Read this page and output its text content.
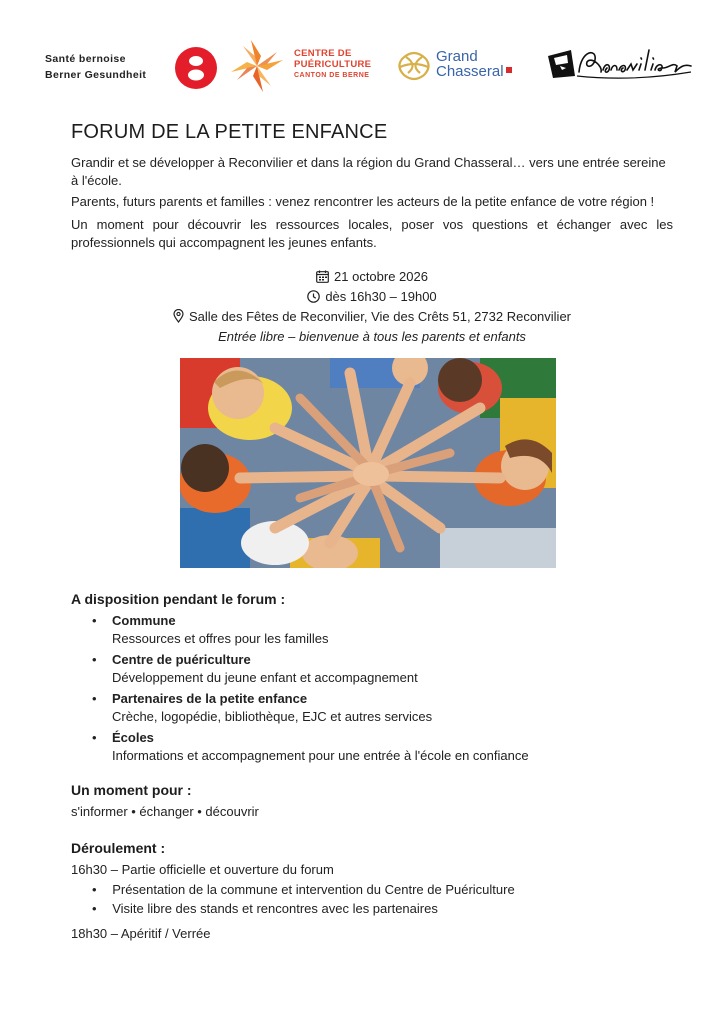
Santé bernoise
Berner Gesundheit
CENTRE DE
PUÉRICULTURE
CANTON DE BERNE
Grand
Chasseral
FORUM DE LA PETITE ENFANCE

Grandir et se développer à Reconvilier et dans la région du Grand Chasseral… vers une entrée sereine à l'école.

Parents, futurs parents et familles : venez rencontrer les acteurs de la petite enfance de votre région !

Un moment pour découvrir les ressources locales, poser vos questions et échanger avec les professionnels qui accompagnent les jeunes enfants.

21 octobre 2026
dès 16h30 – 19h00
Salle des Fêtes de Reconvilier, Vie des Crêts 51, 2732 Reconvilier
Entrée libre – bienvenue à tous les parents et enfants
A disposition pendant le forum :
• Commune
Ressources et offres pour les familles
• Centre de puériculture
Développement du jeune enfant et accompagnement
• Partenaires de la petite enfance
Crèche, logopédie, bibliothèque, EJC et autres services
• Écoles
Informations et accompagnement pour une entrée à l'école en confiance
Un moment pour :
s'informer • échanger • découvrir
Déroulement :
16h30 – Partie officielle et ouverture du forum
• Présentation de la commune et intervention du Centre de Puériculture
• Visite libre des stands et rencontres avec les partenaires
18h30 – Apéritif / Verrée
